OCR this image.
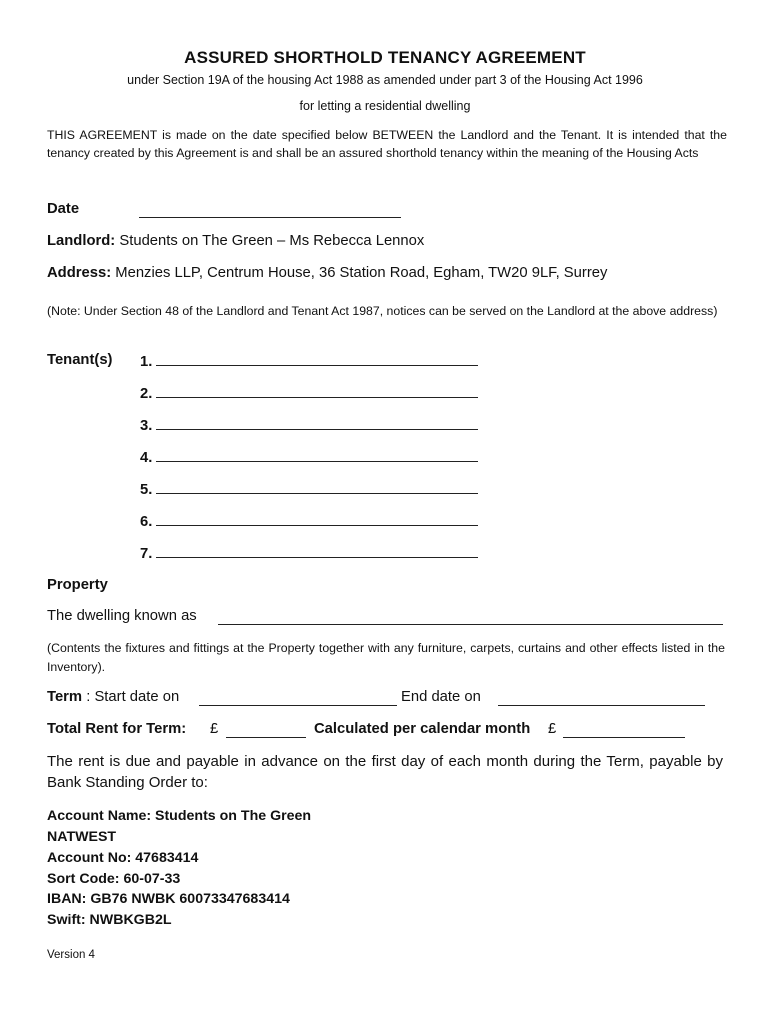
ASSURED SHORTHOLD TENANCY AGREEMENT
under Section 19A of the housing Act 1988 as amended under part 3 of the Housing Act 1996
for letting a residential dwelling
THIS AGREEMENT is made on the date specified below BETWEEN the Landlord and the Tenant. It is intended that the tenancy created by this Agreement is and shall be an assured shorthold tenancy within the meaning of the Housing Acts
Date
Landlord: Students on The Green – Ms Rebecca Lennox
Address: Menzies LLP, Centrum House, 36 Station Road, Egham, TW20 9LF, Surrey
(Note: Under Section 48 of the Landlord and Tenant Act 1987, notices can be served on the Landlord at the above address)
Tenant(s) 1.
2.
3.
4.
5.
6.
7.
Property
The dwelling known as
(Contents the fixtures and fittings at the Property together with any furniture, carpets, curtains and other effects listed in the Inventory).
Term : Start date on	End date on
Total Rent for Term: £	Calculated per calendar month £
The rent is due and payable in advance on the first day of each month during the Term, payable by Bank Standing Order to:
Account Name: Students on The Green
NATWEST
Account No: 47683414
Sort Code: 60-07-33
IBAN: GB76 NWBK 60073347683414
Swift: NWBKGB2L
Version 4
